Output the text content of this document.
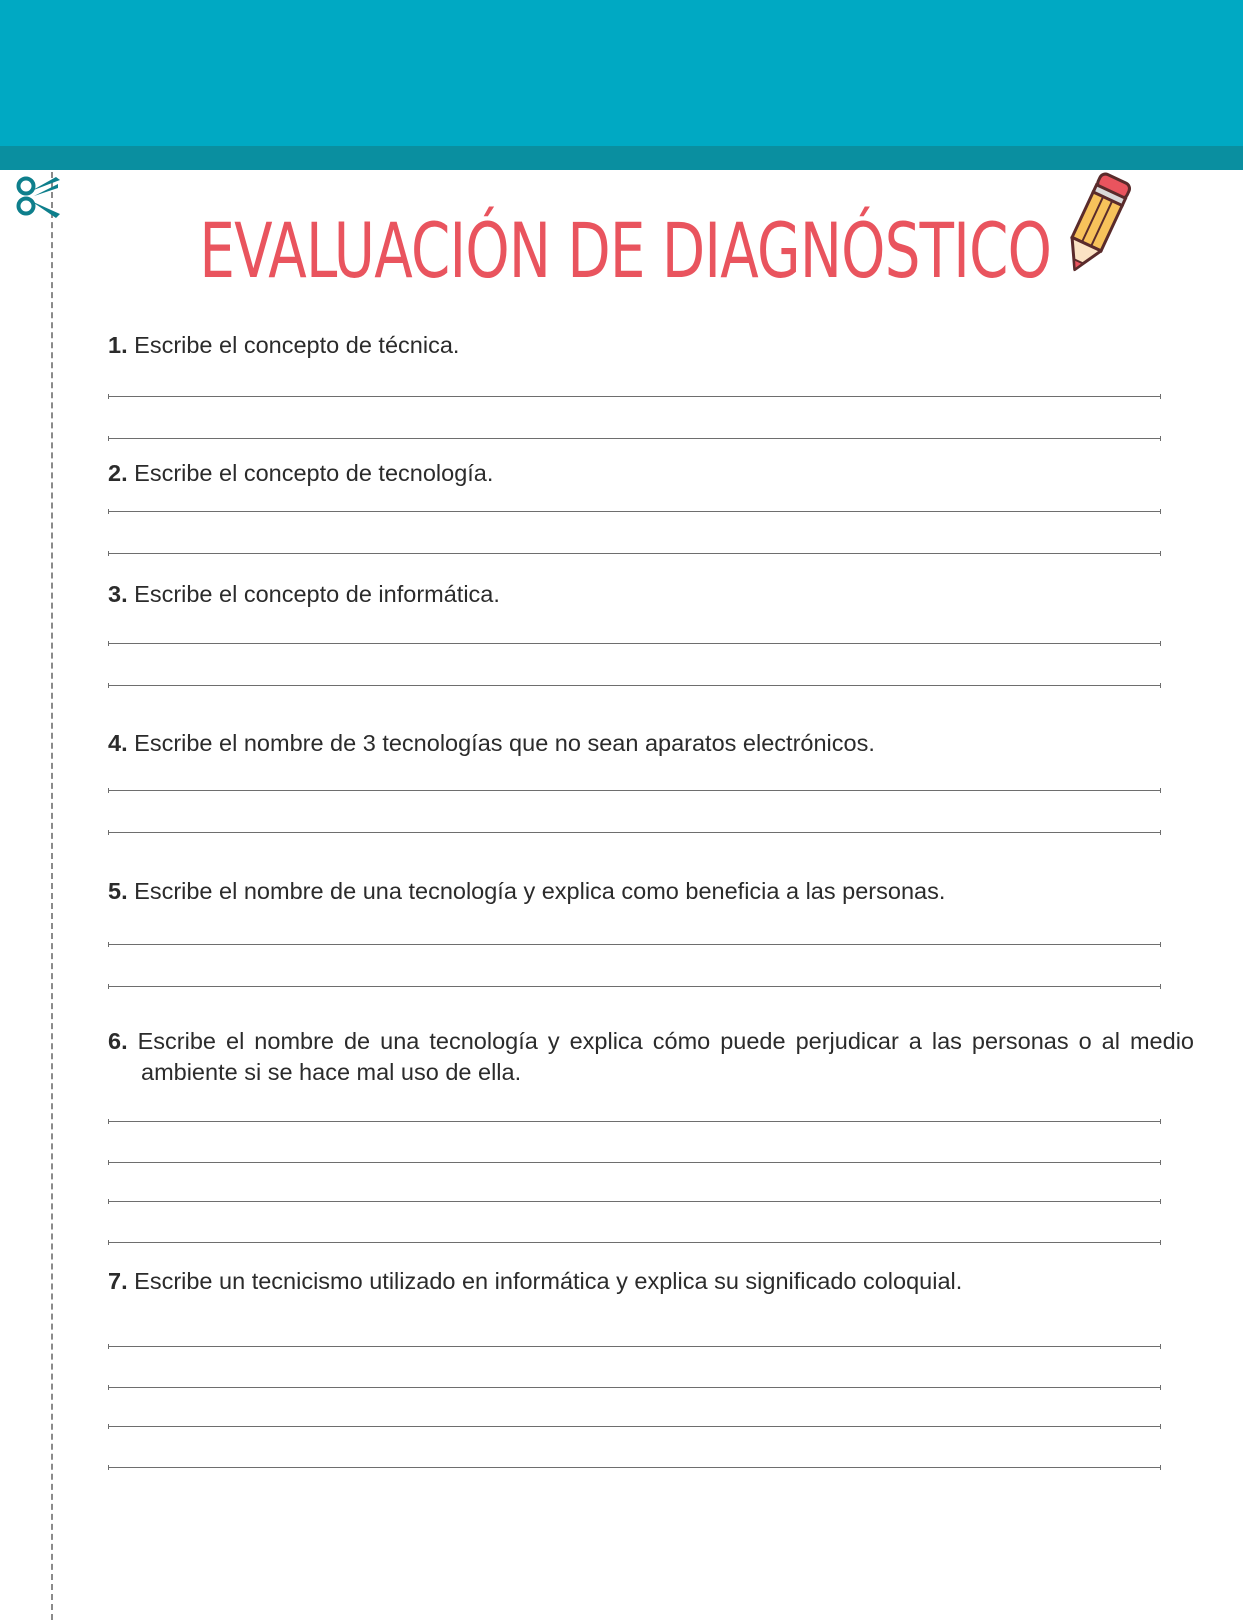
EVALUACIÓN DE DIAGNÓSTICO

1. Escribe el concepto de técnica.

2. Escribe el concepto de tecnología.

3. Escribe el concepto de informática.

4. Escribe el nombre de 3 tecnologías que no sean aparatos electrónicos.

5. Escribe el nombre de una tecnología y explica como beneficia a las personas.

6. Escribe el nombre de una tecnología y explica cómo puede perjudicar a las personas o al medio ambiente si se hace mal uso de ella.

7. Escribe un tecnicismo utilizado en informática y explica su significado coloquial.
